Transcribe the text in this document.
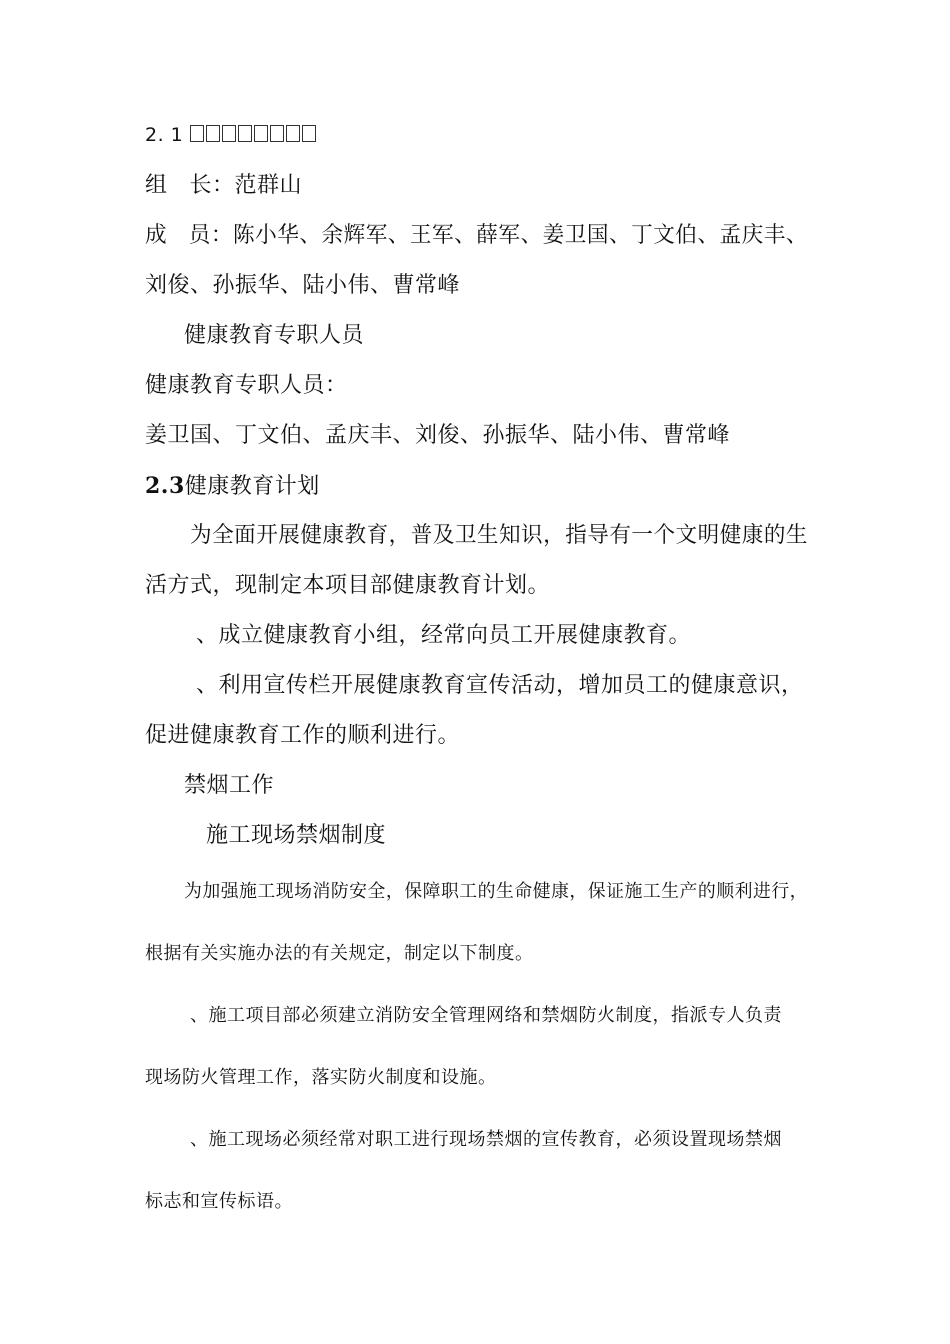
2. 1
组 长：范群山
成 员：陈小华、余辉军、王军、薛军、姜卫国、丁文伯、孟庆丰、
刘俊、孙振华、陆小伟、曹常峰
健康教育专职人员
健康教育专职人员：
姜卫国、丁文伯、孟庆丰、刘俊、孙振华、陆小伟、曹常峰
2.3健康教育计划
为全面开展健康教育，普及卫生知识，指导有一个文明健康的生
活方式，现制定本项目部健康教育计划。
、成立健康教育小组，经常向员工开展健康教育。
、利用宣传栏开展健康教育宣传活动，增加员工的健康意识，
促进健康教育工作的顺利进行。
禁烟工作
施工现场禁烟制度
为加强施工现场消防安全，保障职工的生命健康，保证施工生产的顺利进行，
根据有关实施办法的有关规定，制定以下制度。
、施工项目部必须建立消防安全管理网络和禁烟防火制度，指派专人负责
现场防火管理工作，落实防火制度和设施。
、施工现场必须经常对职工进行现场禁烟的宣传教育，必须设置现场禁烟
标志和宣传标语。
